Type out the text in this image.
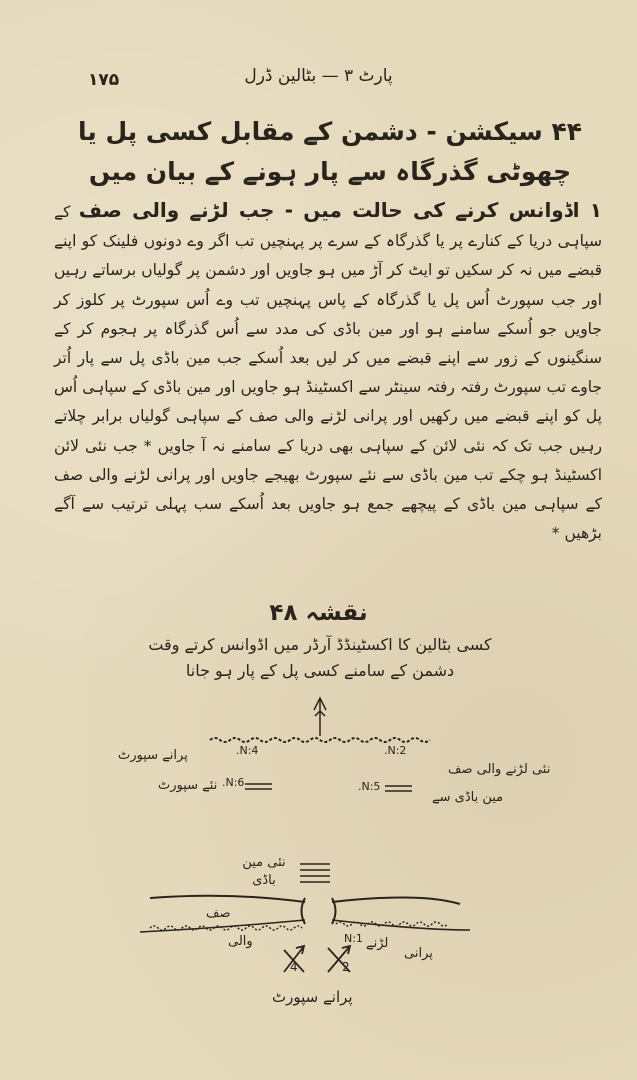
۱۷۵	پارٹ ۳ — بٹالین ڈرل
۴۴ سیکشن - دشمن کے مقابل کسی پل یا
چھوٹی گذرگاہ سے پار ہونے کے بیان میں
۱ اڈوانس کرنے کی حالت میں - جب لڑنے والی صف کے سپاہی دریا کے کنارے پر یا گذرگاہ کے سرے پر پہنچیں تب اگر وے دونوں فلینک کو اپنے قبضے میں نہ کر سکیں تو ایٹ کر آڑ میں ہو جاویں اور دشمن پر گولیاں برساتے رہیں اور جب سپورٹ اُس پل یا گذرگاہ کے پاس پہنچیں تب وے اُس سپورٹ پر کلوز کر جاویں جو اُسکے سامنے ہو اور مین باڈی کی مدد سے اُس گذرگاہ پر ہجوم کر کے سنگینوں کے زور سے اپنے قبضے میں کر لیں بعد اُسکے جب مین باڈی پل سے پار اُتر جاوے تب سپورٹ رفتہ رفتہ سینٹر سے اکسٹینڈ ہو جاویں اور مین باڈی کے سپاہی اُس پل کو اپنے قبضے میں رکھیں اور پرانی لڑنے والی صف کے سپاہی گولیاں برابر چلاتے رہیں جب تک کہ نئی لائن کے سپاہی بھی دریا کے سامنے نہ آ جاویں * جب نئی لائن اکسٹینڈ ہو چکے تب مین باڈی سے نئے سپورٹ بھیجے جاویں اور پرانی لڑنے والی صف کے سپاہی مین باڈی کے پیچھے جمع ہو جاویں بعد اُسکے سب پہلی ترتیب سے آگے بڑھیں *
نقشہ ۴۸
کسی بٹالین کا اکسٹینڈڈ آرڈر میں اڈوانس کرتے وقت
دشمن کے سامنے کسی پل کے پار ہو جانا
پرانے سپورٹ	N:4.	N:2.
نئی لڑنے والی صف
نئے سپورٹ N:6.	N:5.
مین باڈی سے
نئی مین باڈی
صف
والی	N:1 لڑنے
پرانی
4	2
پرانے سپورٹ
